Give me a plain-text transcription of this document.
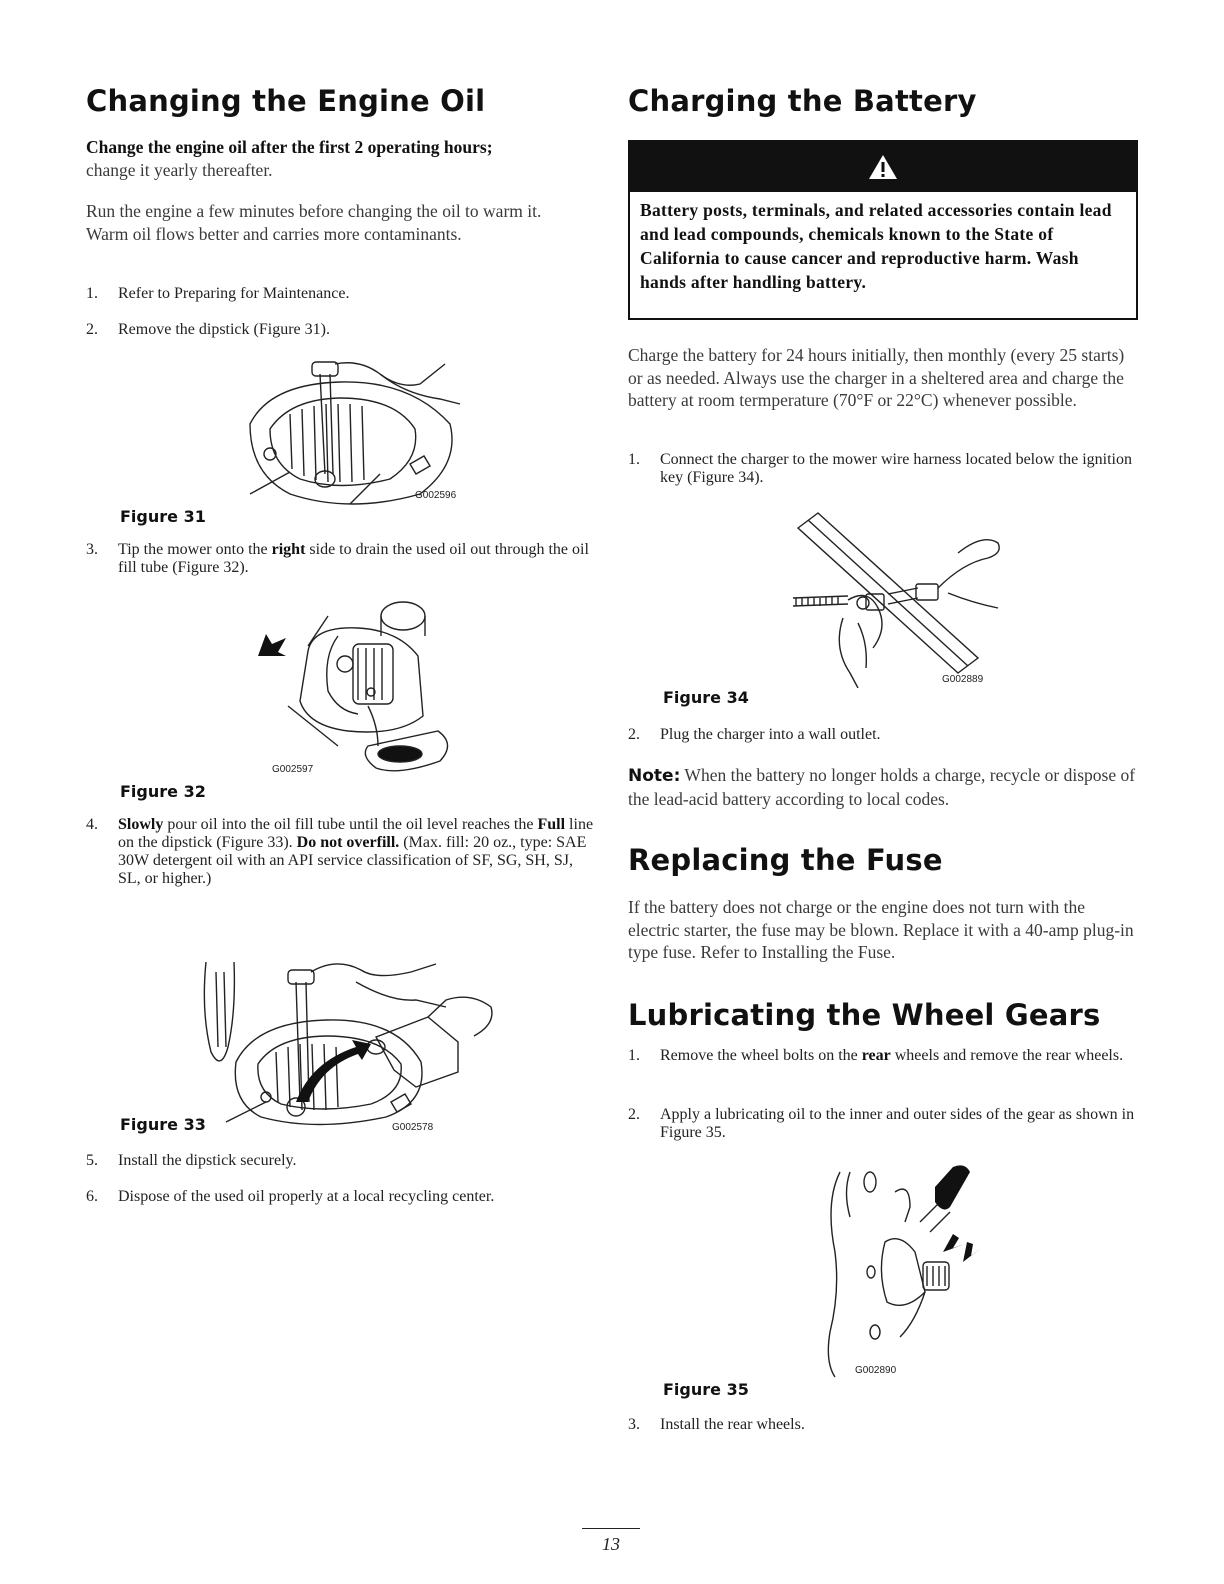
Changing the Engine Oil

Change the engine oil after the first 2 operating hours;
change it yearly thereafter.

Run the engine a few minutes before changing the oil to warm it. Warm oil flows better and carries more contaminants.

1.	Refer to Preparing for Maintenance.
2.	Remove the dipstick (Figure 31).
G002596
Figure 31
3.	Tip the mower onto the right side to drain the used oil out through the oil fill tube (Figure 32).
G002597
Figure 32
4.	Slowly pour oil into the oil fill tube until the oil level reaches the Full line on the dipstick (Figure 33). Do not overfill. (Max. fill: 20 oz., type: SAE 30W detergent oil with an API service classification of SF, SG, SH, SJ, SL, or higher.)
G002578
Figure 33
5.	Install the dipstick securely.
6.	Dispose of the used oil properly at a local recycling center.
Charging the Battery
Battery posts, terminals, and related accessories contain lead and lead compounds, chemicals known to the State of California to cause cancer and reproductive harm. Wash hands after handling battery.

Charge the battery for 24 hours initially, then monthly (every 25 starts) or as needed. Always use the charger in a sheltered area and charge the battery at room termperature (70°F or 22°C) whenever possible.

1.	Connect the charger to the mower wire harness located below the ignition key (Figure 34).
G002889
Figure 34
2.	Plug the charger into a wall outlet.

Note: When the battery no longer holds a charge, recycle or dispose of the lead-acid battery according to local codes.

Replacing the Fuse

If the battery does not charge or the engine does not turn with the electric starter, the fuse may be blown. Replace it with a 40-amp plug-in type fuse. Refer to Installing the Fuse.

Lubricating the Wheel Gears
1.	Remove the wheel bolts on the rear wheels and remove the rear wheels.
2.	Apply a lubricating oil to the inner and outer sides of the gear as shown in Figure 35.
G002890
Figure 35
3.	Install the rear wheels.
13
